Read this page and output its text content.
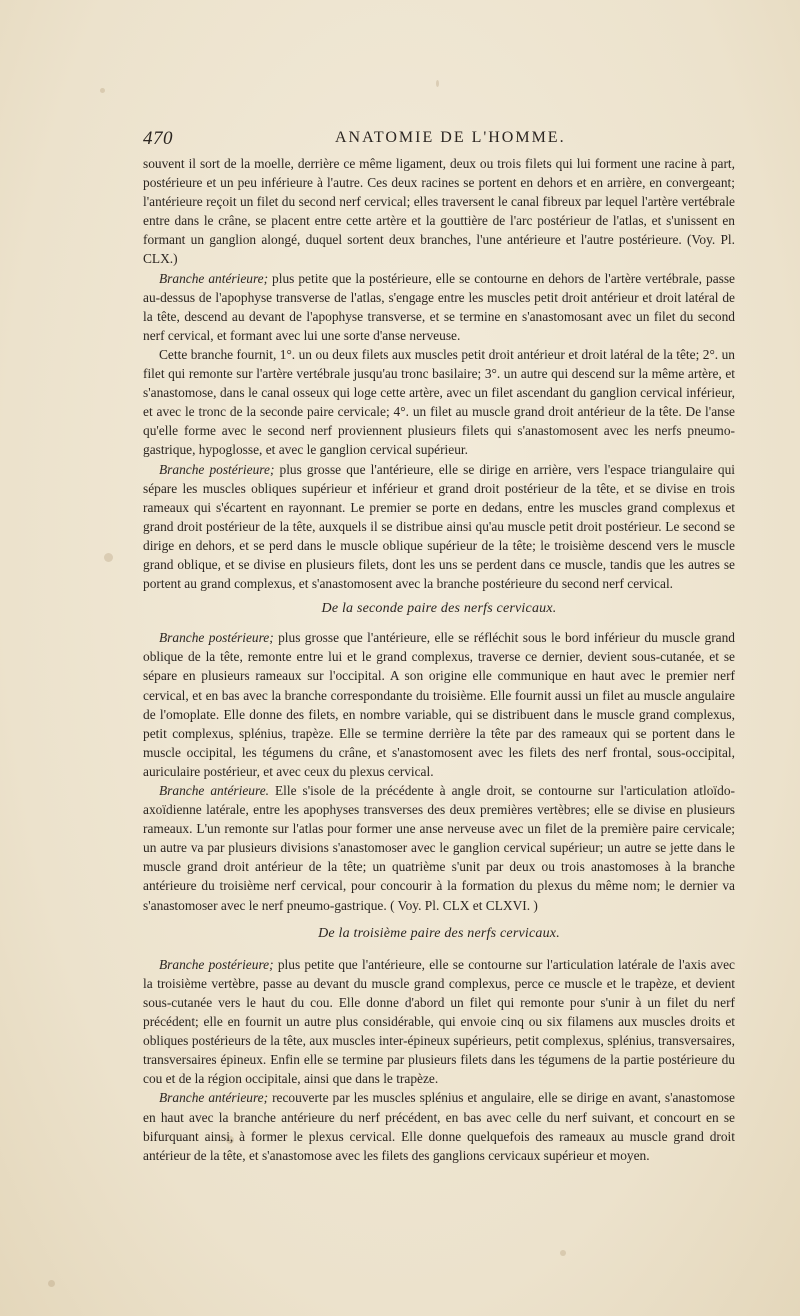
470	ANATOMIE DE L'HOMME.

souvent il sort de la moelle, derrière ce même ligament, deux ou trois filets qui lui forment une racine à part, postérieure et un peu inférieure à l'autre. Ces deux racines se portent en dehors et en arrière, en convergeant; l'antérieure reçoit un filet du second nerf cervical; elles traversent le canal fibreux par lequel l'artère vertébrale entre dans le crâne, se placent entre cette artère et la gouttière de l'arc postérieur de l'atlas, et s'unissent en formant un ganglion alongé, duquel sortent deux branches, l'une antérieure et l'autre postérieure. (Voy. Pl. CLX.)

Branche antérieure; plus petite que la postérieure, elle se contourne en dehors de l'artère vertébrale, passe au-dessus de l'apophyse transverse de l'atlas, s'engage entre les muscles petit droit antérieur et droit latéral de la tête, descend au devant de l'apophyse transverse, et se termine en s'anastomosant avec un filet du second nerf cervical, et formant avec lui une sorte d'anse nerveuse.

Cette branche fournit, 1°. un ou deux filets aux muscles petit droit antérieur et droit latéral de la tête; 2°. un filet qui remonte sur l'artère vertébrale jusqu'au tronc basilaire; 3°. un autre qui descend sur la même artère, et s'anastomose, dans le canal osseux qui loge cette artère, avec un filet ascendant du ganglion cervical inférieur, et avec le tronc de la seconde paire cervicale; 4°. un filet au muscle grand droit antérieur de la tête. De l'anse qu'elle forme avec le second nerf proviennent plusieurs filets qui s'anastomosent avec les nerfs pneumo-gastrique, hypoglosse, et avec le ganglion cervical supérieur.

Branche postérieure; plus grosse que l'antérieure, elle se dirige en arrière, vers l'espace triangulaire qui sépare les muscles obliques supérieur et inférieur et grand droit postérieur de la tête, et se divise en trois rameaux qui s'écartent en rayonnant. Le premier se porte en dedans, entre les muscles grand complexus et grand droit postérieur de la tête, auxquels il se distribue ainsi qu'au muscle petit droit postérieur. Le second se dirige en dehors, et se perd dans le muscle oblique supérieur de la tête; le troisième descend vers le muscle grand oblique, et se divise en plusieurs filets, dont les uns se perdent dans ce muscle, tandis que les autres se portent au grand complexus, et s'anastomosent avec la branche postérieure du second nerf cervical.

De la seconde paire des nerfs cervicaux.

Branche postérieure; plus grosse que l'antérieure, elle se réfléchit sous le bord inférieur du muscle grand oblique de la tête, remonte entre lui et le grand complexus, traverse ce dernier, devient sous-cutanée, et se sépare en plusieurs rameaux sur l'occipital. A son origine elle communique en haut avec le premier nerf cervical, et en bas avec la branche correspondante du troisième. Elle fournit aussi un filet au muscle angulaire de l'omoplate. Elle donne des filets, en nombre variable, qui se distribuent dans le muscle grand complexus, petit complexus, splénius, trapèze. Elle se termine derrière la tête par des rameaux qui se portent dans le muscle occipital, les tégumens du crâne, et s'anastomosent avec les filets des nerf frontal, sous-occipital, auriculaire postérieur, et avec ceux du plexus cervical.

Branche antérieure. Elle s'isole de la précédente à angle droit, se contourne sur l'articulation atloïdo-axoïdienne latérale, entre les apophyses transverses des deux premières vertèbres; elle se divise en plusieurs rameaux. L'un remonte sur l'atlas pour former une anse nerveuse avec un filet de la première paire cervicale; un autre va par plusieurs divisions s'anastomoser avec le ganglion cervical supérieur; un autre se jette dans le muscle grand droit antérieur de la tête; un quatrième s'unit par deux ou trois anastomoses à la branche antérieure du troisième nerf cervical, pour concourir à la formation du plexus du même nom; le dernier va s'anastomoser avec le nerf pneumo-gastrique. ( Voy. Pl. CLX et CLXVI. )

De la troisième paire des nerfs cervicaux.

Branche postérieure; plus petite que l'antérieure, elle se contourne sur l'articulation latérale de l'axis avec la troisième vertèbre, passe au devant du muscle grand complexus, perce ce muscle et le trapèze, et devient sous-cutanée vers le haut du cou. Elle donne d'abord un filet qui remonte pour s'unir à un filet du nerf précédent; elle en fournit un autre plus considérable, qui envoie cinq ou six filamens aux muscles droits et obliques postérieurs de la tête, aux muscles inter-épineux supérieurs, petit complexus, splénius, transversaires, transversaires épineux. Enfin elle se termine par plusieurs filets dans les tégumens de la partie postérieure du cou et de la région occipitale, ainsi que dans le trapèze.

Branche antérieure; recouverte par les muscles splénius et angulaire, elle se dirige en avant, s'anastomose en haut avec la branche antérieure du nerf précédent, en bas avec celle du nerf suivant, et concourt en se bifurquant ainsi, à former le plexus cervical. Elle donne quelquefois des rameaux au muscle grand droit antérieur de la tête, et s'anastomose avec les filets des ganglions cervicaux supérieur et moyen.
